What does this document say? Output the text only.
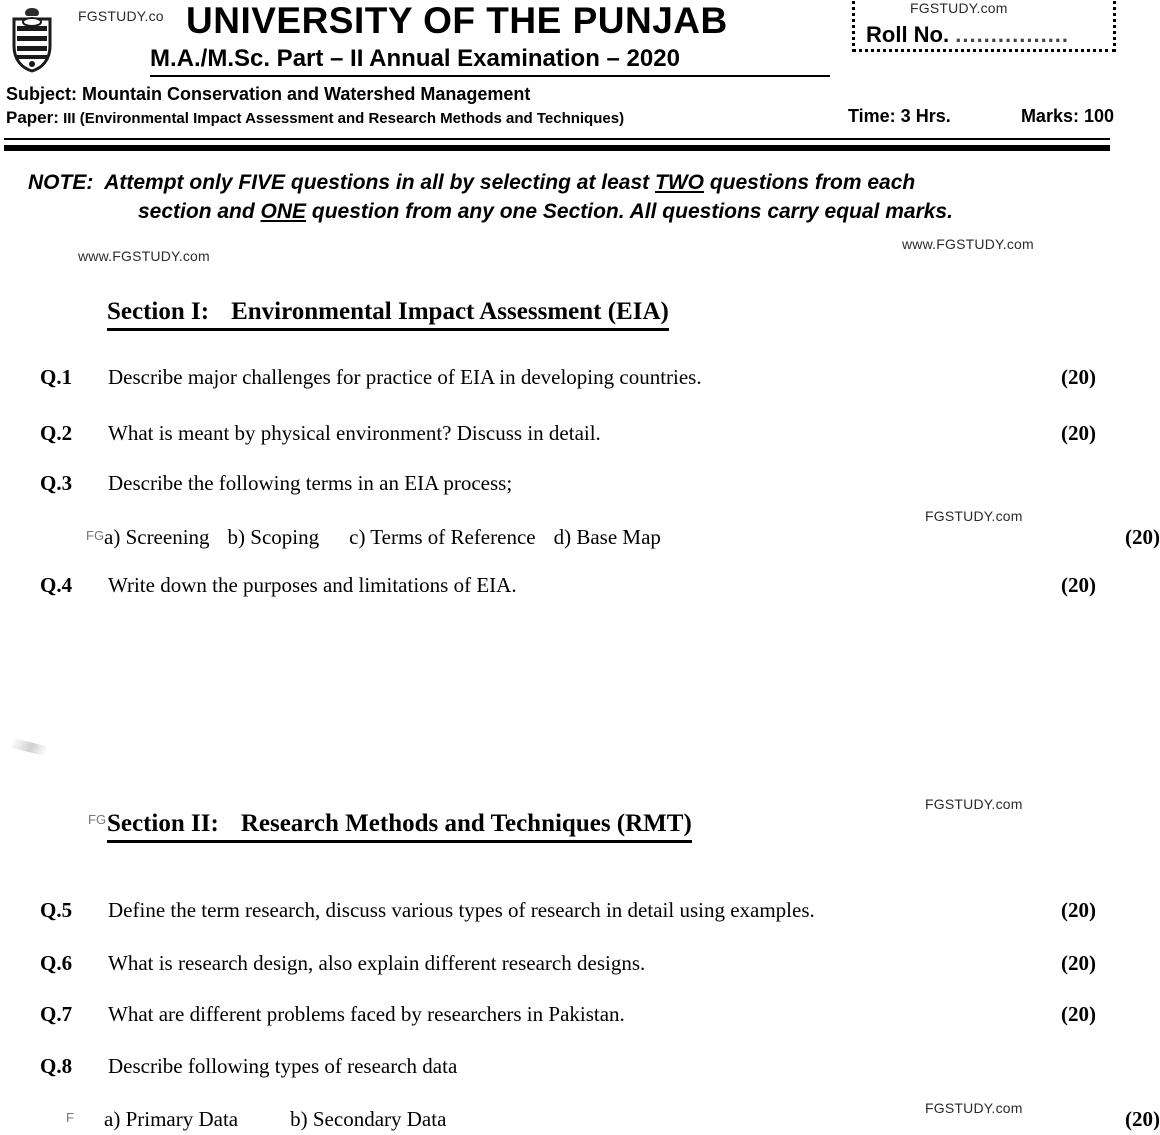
FGSTUDY.co UNIVERSITY OF THE PUNJAB
M.A./M.Sc. Part – II Annual Examination – 2020
Subject: Mountain Conservation and Watershed Management
Paper: III (Environmental Impact Assessment and Research Methods and Techniques)
FGSTUDY.com
Roll No. ................
Time: 3 Hrs.	Marks: 100
NOTE: Attempt only FIVE questions in all by selecting at least TWO questions from each
section and ONE question from any one Section. All questions carry equal marks.
www.FGSTUDY.com
www.FGSTUDY.com
Section I: Environmental Impact Assessment (EIA)
Q.1 Describe major challenges for practice of EIA in developing countries.	(20)
Q.2 What is meant by physical environment? Discuss in detail.	(20)
Q.3 Describe the following terms in an EIA process;
FG
FGSTUDY.com
a) Screening b) Scoping c) Terms of Reference d) Base Map	(20)
Q.4 Write down the purposes and limitations of EIA.	(20)
FG
FGSTUDY.com
Section II: Research Methods and Techniques (RMT)
Q.5 Define the term research, discuss various types of research in detail using examples.	(20)
Q.6 What is research design, also explain different research designs.	(20)
Q.7 What are different problems faced by researchers in Pakistan.	(20)
Q.8 Describe following types of research data
F
FGSTUDY.com
a) Primary Data b) Secondary Data	(20)
